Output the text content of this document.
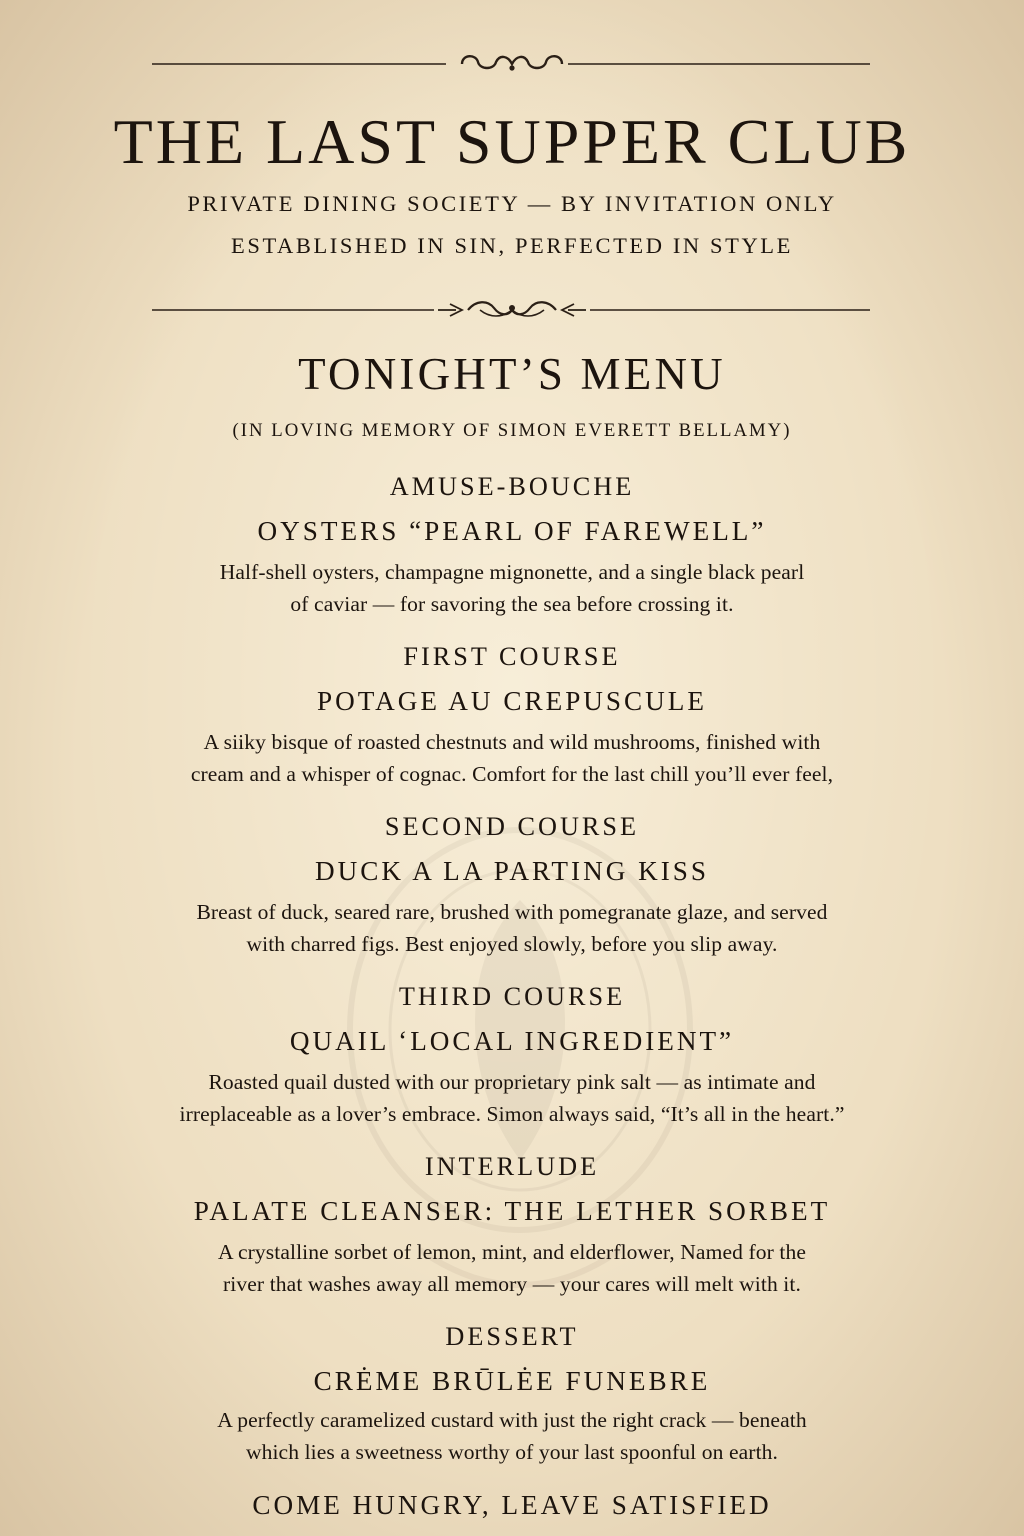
THE LAST SUPPER CLUB
PRIVATE DINING SOCIETY — BY INVITATION ONLY
ESTABLISHED IN SIN, PERFECTED IN STYLE
TONIGHT’S MENU
(IN LOVING MEMORY OF SIMON EVERETT BELLAMY)
AMUSE-BOUCHE
OYSTERS “PEARL OF FAREWELL”
Half-shell oysters, champagne mignonette, and a single black pearl
of caviar — for savoring the sea before crossing it.
FIRST COURSE
POTAGE AU CREPUSCULE
A siiky bisque of roasted chestnuts and wild mushrooms, finished with
cream and a whisper of cognac. Comfort for the last chill you’ll ever feel,
SECOND COURSE
DUCK A LA PARTING KISS
Breast of duck, seared rare, brushed with pomegranate glaze, and served
with charred figs. Best enjoyed slowly, before you slip away.
THIRD COURSE
QUAIL ‘LOCAL INGREDIENT”
Roasted quail dusted with our proprietary pink salt — as intimate and
irreplaceable as a lover’s embrace. Simon always said, “It’s all in the heart.”
INTERLUDE
PALATE CLEANSER: THE LETHER SORBET
A crystalline sorbet of lemon, mint, and elderflower, Named for the
river that washes away all memory — your cares will melt with it.
DESSERT
CRĖME BRŪLĖE FUNEBRE
A perfectly caramelized custard with just the right crack — beneath
which lies a sweetness worthy of your last spoonful on earth.
COME HUNGRY, LEAVE SATISFIED
